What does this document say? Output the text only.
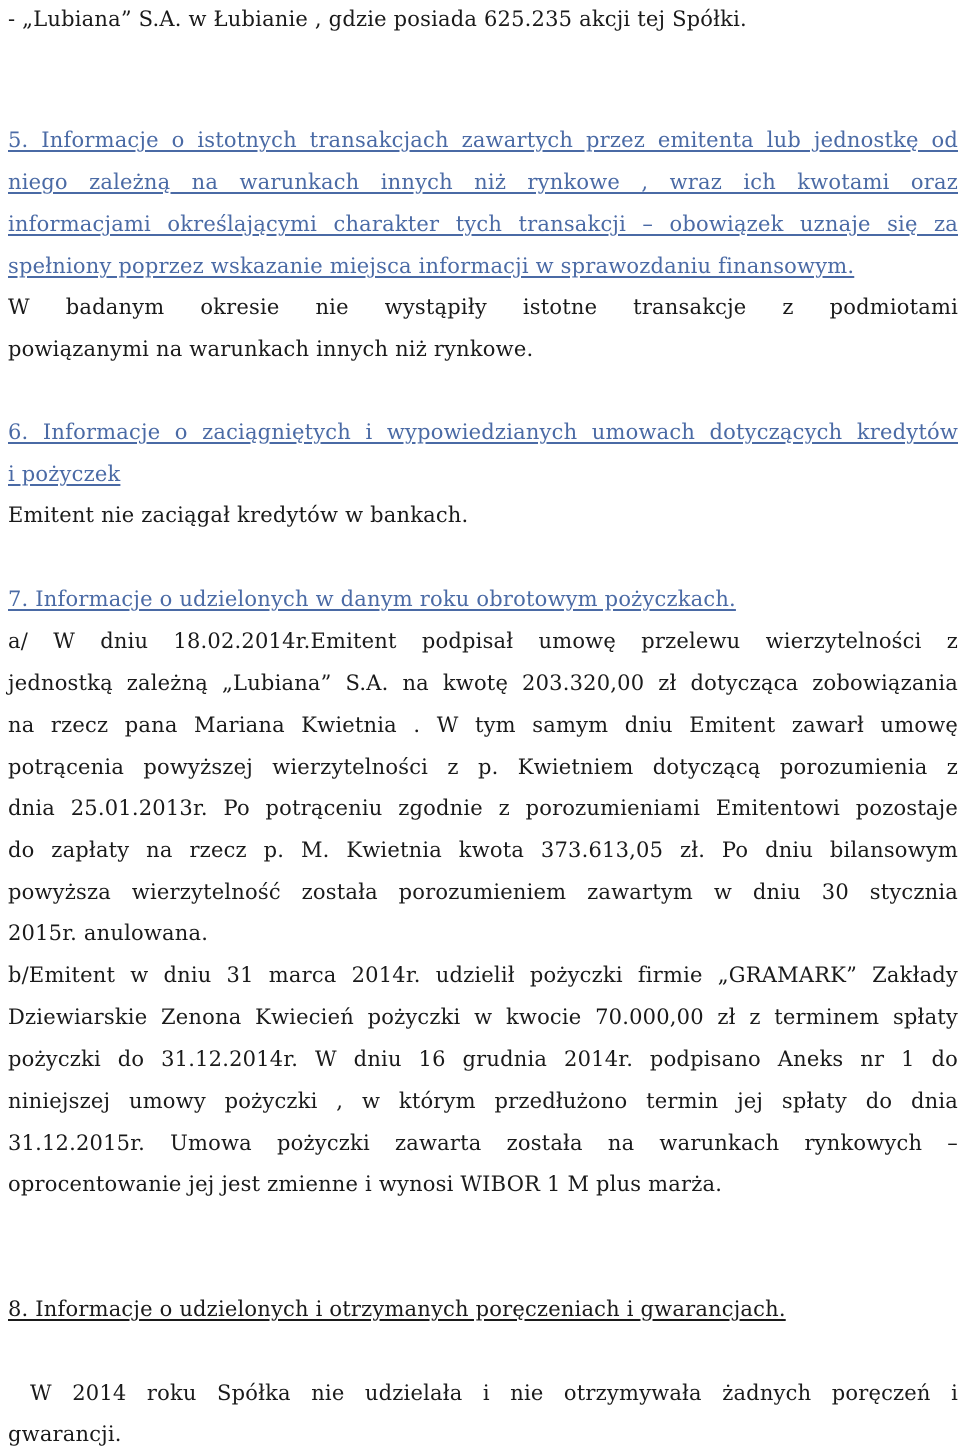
- „Lubiana” S.A. w Łubianie , gdzie posiada 625.235 akcji tej Spółki.
5. Informacje o istotnych transakcjach zawartych przez emitenta lub jednostkę od
niego zależną na warunkach innych niż rynkowe , wraz ich kwotami oraz
informacjami określającymi charakter tych transakcji – obowiązek uznaje się za
spełniony poprzez wskazanie miejsca informacji w sprawozdaniu finansowym.
W badanym okresie nie wystąpiły istotne transakcje z podmiotami
powiązanymi na warunkach innych niż rynkowe.
6. Informacje o zaciągniętych i wypowiedzianych umowach dotyczących kredytów
i pożyczek
Emitent nie zaciągał kredytów w bankach.
7. Informacje o udzielonych w danym roku obrotowym pożyczkach.
a/ W dniu 18.02.2014r.Emitent podpisał umowę przelewu wierzytelności z
jednostką zależną „Lubiana” S.A. na kwotę 203.320,00 zł dotycząca zobowiązania
na rzecz pana Mariana Kwietnia . W tym samym dniu Emitent zawarł umowę
potrącenia powyższej wierzytelności z p. Kwietniem dotyczącą porozumienia z
dnia 25.01.2013r. Po potrąceniu zgodnie z porozumieniami Emitentowi pozostaje
do zapłaty na rzecz p. M. Kwietnia kwota 373.613,05 zł. Po dniu bilansowym
powyższa wierzytelność została porozumieniem zawartym w dniu 30 stycznia
2015r. anulowana.
b/Emitent w dniu 31 marca 2014r. udzielił pożyczki firmie „GRAMARK” Zakłady
Dziewiarskie Zenona Kwiecień pożyczki w kwocie 70.000,00 zł z terminem spłaty
pożyczki do 31.12.2014r. W dniu 16 grudnia 2014r. podpisano Aneks nr 1 do
niniejszej umowy pożyczki , w którym przedłużono termin jej spłaty do dnia
31.12.2015r. Umowa pożyczki zawarta została na warunkach rynkowych –
oprocentowanie jej jest zmienne i wynosi WIBOR 1 M plus marża.
8. Informacje o udzielonych i otrzymanych poręczeniach i gwarancjach.
W 2014 roku Spółka nie udzielała i nie otrzymywała żadnych poręczeń i
gwarancji.
